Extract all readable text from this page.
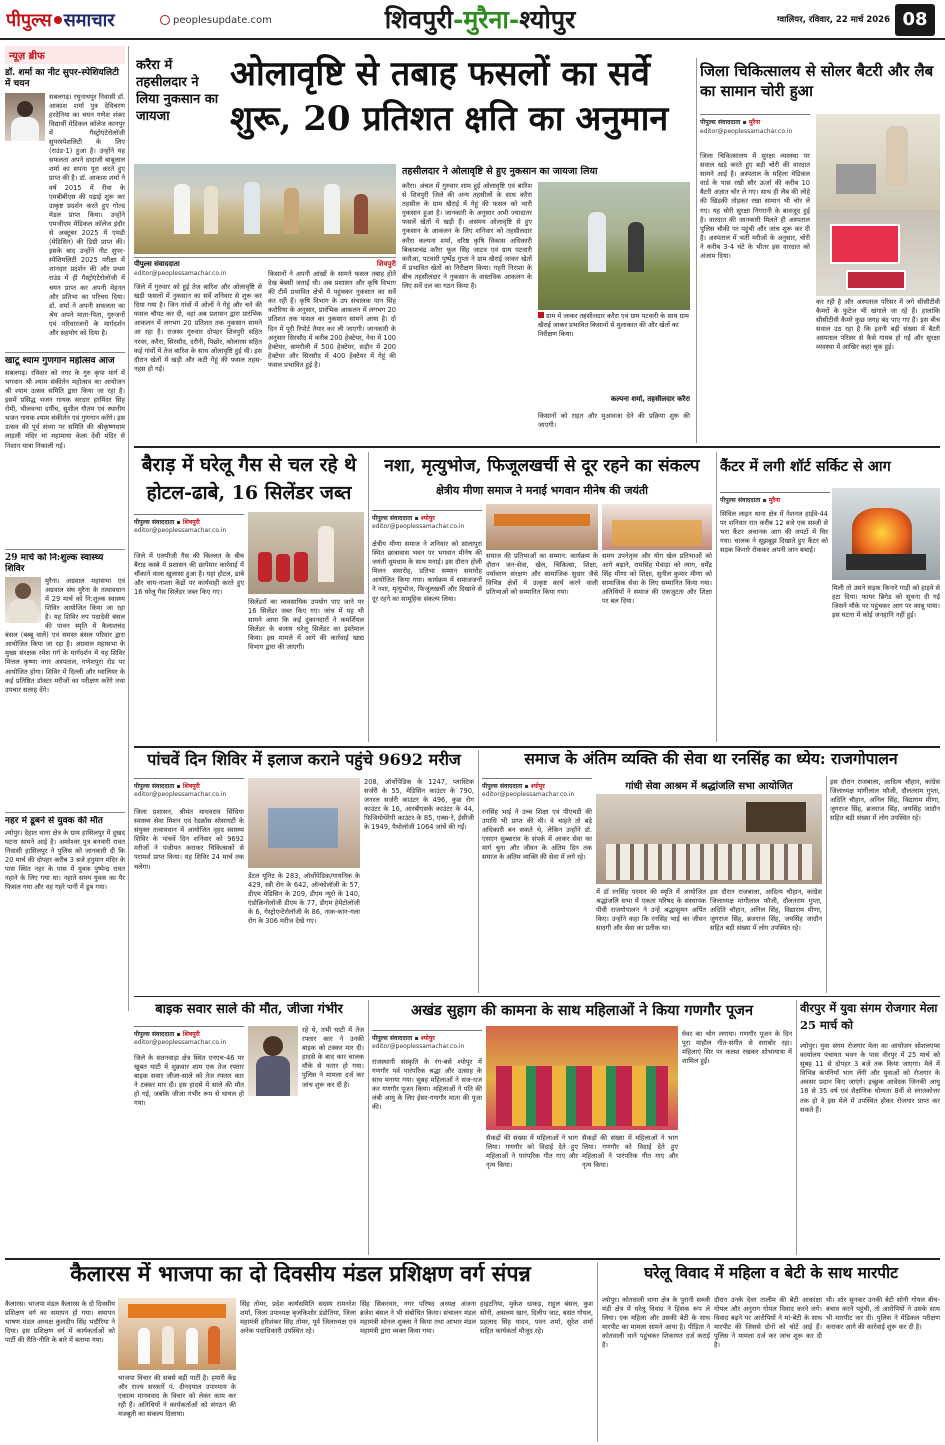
पीपुल्स समाचार	peoplesupdate.com	शिवपुरी-मुरैना-श्योपुर	ग्वालियर, रविवार, 22 मार्च 2026 08
न्यूज़ ब्रीफ
डॉ. शर्मा का नीट सुपर-स्पेशियलिटी में चयन
सबलगढ़। रघुनाथपुर निवासी डॉ. आकाश शर्मा पुत्र देविचरण हरदेनिया का चयन गणेश शंकर विद्यार्थी मेडिकल कॉलेज कानपुर में गैस्ट्रोएंटेरोलॉजी सुपरस्पेशलिटी के लिए (राउंड-1) हुआ है। उन्होंने यह सफलता अपने दादाजी बाबूलाल शर्मा का सपना पूरा करते हुए प्राप्त की है। डॉ. आकाश शर्मा ने वर्ष 2015 में रीवा के एमबीबीएस की पढ़ाई शुरू कर उत्कृष्ट प्रदर्शन करते हुए गोल्ड मेडल प्राप्त किया। उन्होंने एमजीएम मेडिकल कॉलेज इंदौर से अक्टूबर 2025 में एमडी (मेडिसिन) की डिग्री प्राप्त की। इसके बाद उन्होंने नीट सुपर-स्पेशियलिटी 2025 परीक्षा में शानदार प्रदर्शन की और प्रथम राउंड में ही गैस्ट्रोएंटेरोलॉजी में चयन प्राप्त कर अपनी मेहनत और प्रतिभा का परिचय दिया। डॉ. शर्मा ने अपनी सफलता का श्रेय अपने माता-पिता, गुरुजनों एवं परिवारजनों के मार्गदर्शन और सहयोग को दिया है।
खाटू श्याम गुणगान महोत्सव आज
सबलगढ़। रविवार को नगर के गुरु कृपा मार्ग में भगवान श्री श्याम संकीर्तन महोत्सव का आयोजन श्री श्याम उत्सव समिति द्वारा किया जा रहा है। इसमें प्रसिद्ध भजन गायक सरदार हरमिंदर सिंह रोमी, भीलवन्या दर्पीच, सुशील गौतम एवं स्थानीय भजन गायक श्याम संकीर्तन एवं गुणगान करेंगे। इस उत्सव की पूर्व संध्या पर समिति की श्रीकृष्णधाम लाड़ली मंदिर मां महामाया केला देवी मंदिर से निशान यात्रा निकाली गई।
29 मार्च को नि:शुल्क स्वास्थ्य शिविर
मुरैना। अग्रवाल महासभा एवं अग्रवाल संघ मुरैना के तत्वावधान में 29 मार्च को नि:शुल्क स्वास्थ्य शिविर आयोजित किया जा रहा है। यह शिविर रुप पदादेवी बंसल की पावन स्मृति में कैलाशचंद बंसल (बब्बू वाले) एवं समस्त बंसल परिवार द्वारा आयोजित किया जा रहा है। अग्रवाल महासभा के मुख्य संरक्षक रमेश गर्ग के मार्गदर्शन में यह शिविर मित्तल कृष्णा नगर अस्पताल, गणेशपुरा रोड पर आयोजित होगा। शिविर में दिल्ली और ग्वालियर के कई प्रतिष्ठित डॉक्टर मरीजों का परीक्षण करेंगे तथा उपचार सलाह देंगे।
नहर में डूबने से युवक की मौत
श्योपुर। देहात थाना क्षेत्र के ग्राम हासिलपुर में दुखद घटना सामने आई है। अमरेश्वर पुत्र बनवारी रावत निवासी हासिलपुर ने पुलिस को जानकारी दी कि 20 मार्च की दोपहर करीब 3 बजे हनुमान मंदिर के पास स्थित नहर के पास में युवक पुष्पेन्द्र रावत नहाने के लिए गया था। नहाते समय युवक का पैर फिसल गया और वह गहरे पानी में डूब गया।
करैरा में तहसीलदार ने लिया नुकसान का जायजा
ओलावृष्टि से तबाह फसलों का सर्वे शुरू, 20 प्रतिशत क्षति का अनुमान
पीपुल्स संवाददाता	शिवपुरी
editor@peoplessamachar.co.in
जिले में गुरुवार को हुई तेज बारिश और ओलावृष्टि से खड़ी फसलों में नुकसान का सर्वे शनिवार से शुरू कर दिया गया है। जिन गांवों में ओलों ने गेहूं और चने की फसल चौपट कर दी, वहां अब प्रशासन द्वारा प्रारंभिक आकलन में लगभग 20 प्रतिशत तक नुकसान सामने आ रहा है। राजस्व गुरुवार दोपहर शिवपुरी सहित नरवर, करैरा, सिरसौद, दरौनी, पिछोर, कोलारस सहित कई गांवों में तेज बारिश के साथ ओलावृष्टि हुई थी। इस दौरान खेतों में खड़ी और कटी गेहूं की फसल तहस-नहस हो गई।
किसानों ने अपनी आंखों के सामने फसल तबाह होते देख बेबसी जताई थी। अब प्रशासन और कृषि विभाग की टीमें प्रभावित क्षेत्रों में पहुंचकर नुकसान का सर्वे कर रही हैं। कृषि विभाग के उप संचालक पान सिंह करोरिया के अनुसार, प्रारंभिक आकलन में लगभग 20 प्रतिशत तक फसल का नुकसान सामने आया है। दो दिन में पूरी रिपोर्ट तैयार कर ली जाएगी। जानकारी के अनुसार सिरसौद में करीब 200 हेक्टेयर, नेवा में 100 हेक्टेयर, बामरौली में 500 हेक्टेयर, सड़ौन में 200 हेक्टेयर और सिरसौद में 400 हेक्टेयर में गेहूं की फसल प्रभावित हुई है।
तहसीलदार ने ओलावृष्टि से हुए नुकसान का जायजा लिया
करैरा। अंचल में गुरुवार शाम हुई ओलावृष्टि एवं बारिश से शिवपुरी जिले की अन्य तहसीलों के साथ करैरा तहसील के ग्राम खैराई में गेहूं की फसल को भारी नुकसान हुआ है। जानकारी के अनुसार अभी ज्यादातर फसलें खेतों में खड़ी हैं। असमय ओलावृष्टि से हुए नुकसान के आकलन के लिए शनिवार को तहसीलदार करैरा कल्पना शर्मा, वरिष्ठ कृषि विकास अधिकारी बिकाशचंद्र करैरा फूल सिंह जाटव एवं ग्राम पटवारी करौआ, पटवारी पुष्पेंद्र गुप्ता ने ग्राम खैराई जाकर खेतों में प्रभावित खेतों का निरीक्षण किया। गहरी निराशा के बीच तहसीलदार ने नुकसान के वास्तविक आकलन के लिए सर्वे दल का गठन किया है।
ग्राम में जाकर तहसीलदार करैरा एवं ग्राम पटवारी के साथ ग्राम खैराई जाकर प्रभावित किसानों से मुलाकात की और खेतों का निरीक्षण किया।
कल्पना शर्मा, तहसीलदार करैरा
किसानों को राहत और मुआवजा देने की प्रक्रिया शुरू की जाएगी।
जिला चिकित्सालय से सोलर बैटरी और लैब का सामान चोरी हुआ
पीपुल्स संवाददाता ▪ मुरैना
editor@peoplessamachar.co.in
जिला चिकित्सालय में सुरक्षा व्यवस्था पर सवाल खड़े करते हुए बड़ी चोरी की वारदात सामने आई है। अस्पताल के महिला मेडिकल वार्ड के पास रखी सौर ऊर्जा की करीब 10 बैटरी अज्ञात चोर ले गए। साथ ही लैब की लोहे की खिड़की तोड़कर रखा सामान भी चोर ले गए। यह चोरी सुरक्षा निगरानी के बावजूद हुई है। वारदात की जानकारी मिलते ही अस्पताल पुलिस चौकी पर पहुंची और जांच शुरू कर दी है। अस्पताल में भर्ती मरीजों के अनुसार, चोरी ने करीब 3-4 घंटे के भीतर इस वारदात को अंजाम दिया।
कर रही है और अस्पताल परिसर में लगे सीसीटीवी कैमरों के फुटेज भी खंगाले जा रहे हैं। हालांकि सीसीटीवी कैमरे कुछ जगह बंद पाए गए हैं। इस बीच सवाल उठ रहा है कि इतनी बड़ी संख्या में बैटरी अस्पताल परिसर से कैसे गायब हो गईं और सुरक्षा व्यवस्था में आखिर कहां चूक हुई।
बैराड़ में घरेलू गैस से चल रहे थे होटल-ढाबे, 16 सिलेंडर जब्त
पीपुल्स संवाददाता ▪ शिवपुरी
editor@peoplessamachar.co.in
जिले में एलपीजी गैस की किल्लत के बीच बैराड़ कस्बे में प्रशासन की छापेमार कार्रवाई में चौंकाने वाला खुलासा हुआ है। यहां होटल, ढाबे और चाय-नाश्ता केंद्रों पर कार्यवाही करते हुए 16 घरेलू गैस सिलेंडर जब्त किए गए।
सिलेंडरों का व्यवसायिक उपयोग पाए जाने पर 16 सिलेंडर जब्त किए गए। जांच में यह भी सामने आया कि कई दुकानदारों ने कमर्शियल सिलेंडर के बजाय घरेलू सिलेंडर का इस्तेमाल किया। इस मामले में आगे की कार्रवाई खाद्य विभाग द्वारा की जाएगी।
नशा, मृत्युभोज, फिजूलखर्ची से दूर रहने का संकल्प
क्षेत्रीय मीणा समाज ने मनाई भगवान मीनेष की जयंती
पीपुल्स संवाददाता ▪ श्योपुर
editor@peoplessamachar.co.in
क्षेत्रीय मीणा समाज ने शनिवार को सालापुरा स्थित छात्रावास भवन पर भगवान मीनेष की जयंती धूमधाम के साथ मनाई। इस दौरान होली मिलन समारोह, प्रतिभा सम्मान समारोह आयोजित किया गया। कार्यक्रम में समाजजनों ने नशा, मृत्युभोज, फिजूलखर्ची और दिखावे से दूर रहने का सामूहिक संकल्प लिया।
समाज की प्रतिभाओं का सम्मान: कार्यक्रम के दौरान जन-सेवा, खेल, चिकित्सा, शिक्षा, पर्यावरण संरक्षण और सामाजिक सुधार जैसे विभिन्न क्षेत्रों में उत्कृष्ट कार्य करने वाली प्रतिभाओं को सम्मानित किया गया।
समय उपनेतृत्व और योग खेल प्रतिभाओं को आगे बढ़ाने, रामसिंह मेवाड़ा को त्याग, धर्मेंद्र सिंह मीणा को शिक्षा, सुनील कुमार मीणा को सामाजिक सेवा के लिए सम्मानित किया गया। अतिथियों ने समाज की एकजुटता और शिक्षा पर बल दिया।
कैंटर में लगी शॉर्ट सर्किट से आग
पीपुल्स संवाददाता ▪ मुरैना
सिविल लाइन थाना क्षेत्र में नेशनल हाईवे-44 पर शनिवार रात करीब 12 बजे एक सब्जी से भरा कैंटर अचानक आग की लपटों में घिर गया। चालक ने सूझबूझ दिखाते हुए कैंटर को सड़क किनारे रोककर अपनी जान बचाई।
मिली तो उसने सड़क किनारे गाड़ी को हाइवे से हटा दिया। फायर ब्रिगेड को सूचना दी गई जिसने मौके पर पहुंचकर आग पर काबू पाया। इस घटना में कोई जनहानि नहीं हुई।
पांचवें दिन शिविर में इलाज कराने पहुंचे 9692 मरीज
पीपुल्स संवाददाता ▪ शिवपुरी
editor@peoplessamachar.co.in
जिला प्रशासन, श्रीमंत माधवराव सिंधिया स्वास्थ्य सेवा मिशन एवं रेडक्रॉस सोसायटी के संयुक्त तत्वावधान में आयोजित वृहद स्वास्थ्य शिविर के पांचवें दिन शनिवार को 9692 मरीजों ने पंजीयन कराकर चिकित्सकों से परामर्श प्राप्त किया। यह शिविर 24 मार्च तक चलेगा।
डेंटल यूनिट के 283, ऑर्थोपेडिक/गायनिक के 429, स्त्री रोग के 642, ऑन्कोलॉजी के 57, डीएम मेडिसिन के 209, डीएम न्यूरो के 140, एंडोक्रिनोलॉजी डीएम के 77, डीएम हेमेटोलॉजी के 6, गेस्ट्रोएन्टेरोलॉजी के 86, नाक-कान-गला रोग के 306 मरीज देखे गए।
208, ऑर्थोपेडिक के 1247, प्लास्टिक सर्जरी के 55, मेडिसिन काउंटर के 790, जनरल सर्जरी काउंटर के 496, कुछ रोग काउंटर के 16, आरबीएसके काउंटर के 44, फिजियोथेरेपी काउंटर के 85, एक्स-रे, ईसीजी के 1949, पैथोलॉजी 1064 जांचें की गईं।
समाज के अंतिम व्यक्ति की सेवा था रनसिंह का ध्येय: राजगोपालन
पीपुल्स संवाददाता ▪ श्योपुर
editor@peoplessamachar.co.in
रनसिंह भाई ने उच्च शिक्षा एवं पीएचडी की उपाधि भी प्राप्त की थी। वे चाहते तो बड़े अधिकारी बन सकते थे, लेकिन उन्होंने डॉ. एसएन सुब्बाराव के संपर्क में आकर सेवा का मार्ग चुना और जीवन के अंतिम दिन तक समाज के अंतिम व्यक्ति की सेवा में लगे रहे।
गांधी सेवा आश्रम में श्रद्धांजलि सभा आयोजित
में डॉ रनसिंह परमार की स्मृति में आयोजित श्रद्धांजलि सभा में एकता परिषद के संस्थापक पीवी राजगोपालन ने उन्हें श्रद्धासुमन अर्पित किए। उन्होंने कहा कि रनसिंह भाई का जीवन सादगी और सेवा का प्रतीक था।
इस दौरान राजबाला, आदित्य चौहान, कांग्रेस जिलाध्यक्ष मांगीलाल फौजी, दौलतराम गुप्ता, अदिति चौहान, अनिल सिंह, विद्याराम मीणा, जुगराज सिंह, ब्रजराज सिंह, जयसिंह जादौन सहित बड़ी संख्या में लोग उपस्थित रहे।
इस दौरान राजबाला, आदित्य चौहान, कांग्रेस जिलाध्यक्ष मांगीलाल फौजी, दौलतराम गुप्ता, अदिति चौहान, अनिल सिंह, विद्याराम मीणा, जुगराज सिंह, ब्रजराज सिंह, जयसिंह जादौन सहित बड़ी संख्या में लोग उपस्थित रहे।
बाइक सवार साले की मौत, जीजा गंभीर
पीपुल्स संवाददाता ▪ शिवपुरी
editor@peoplessamachar.co.in
जिले के सतनवाड़ा क्षेत्र स्थित एनएच-46 पर खुबत घाटी में शुक्रवार शाम एक तेज रफ्तार बाइक सवार जीजा-साले को तेज रफ्तार कार ने टक्कर मार दी। इस हादसे में साले की मौत हो गई, जबकि जीजा गंभीर रूप से घायल हो गया।
रहे थे, तभी घाटी में तेज रफ्तार कार ने उनकी बाइक को टक्कर मार दी। हादसे के बाद कार चालक मौके से फरार हो गया। पुलिस ने मामला दर्ज कर जांच शुरू कर दी है।
अखंड सुहाग की कामना के साथ महिलाओं ने किया गणगौर पूजन
पीपुल्स संवाददाता ▪ श्योपुर
editor@peoplessamachar.co.in
राजस्थानी संस्कृति के रंग-बसे श्योपुर में गणगौर पर्व पारंपरिक श्रद्धा और उत्साह के साथ मनाया गया। सुबह महिलाओं ने सज-धज कर गणगौर पूजन किया। महिलाओं ने पति की लंबी आयु के लिए ईसर-गणगौर माता की पूजा की।
सैकड़ों की संख्या में महिलाओं ने भाग लिया। गणगौर को विदाई देते हुए महिलाओं ने पारंपरिक गीत गाए और नृत्य किया।
सैकड़ों की संख्या में महिलाओं ने भाग लिया। गणगौर को विदाई देते हुए महिलाओं ने पारंपरिक गीत गाए और नृत्य किया।
घेवर का भोग लगाया। गणगौर पूजन के दिन पूरा माहौल गीत-संगीत से सराबोर रहा। महिलाएं सिर पर कलश रखकर शोभायात्रा में शामिल हुईं।
वीरपुर में युवा संगम रोजगार मेला 25 मार्च को
श्योपुर। युवा संगम रोजगार मेला का आयोजन सोशलएप्स कार्यालय पंचायत भवन के पास वीरपुर में 25 मार्च को सुबह 11 से दोपहर 3 बजे तक किया जाएगा। मेले में विभिन्न कंपनियाँ भाग लेंगी और युवाओं को रोजगार के अवसर प्रदान किए जाएंगे। इच्छुक आवेदक जिनकी आयु 18 से 35 वर्ष एवं शैक्षणिक योग्यता 8वीं से स्नातकोत्तर तक हो वे इस मेले में उपस्थित होकर रोजगार प्राप्त कर सकते हैं।
कैलारस में भाजपा का दो दिवसीय मंडल प्रशिक्षण वर्ग संपन्न
कैलारस। भाजपा मंडल कैलारस के दो दिवसीय प्रशिक्षण वर्ग का समापन हो गया। समापन भाषण मंडल अध्यक्ष कुलदीप सिंह भदौरिया ने दिया। इस प्रशिक्षण वर्ग में कार्यकर्ताओं को पार्टी की रीति-नीति के बारे में बताया गया।
भाजपा विचार की सबसे बड़ी पार्टी है। हमारी केंद्र और राज्य सरकारें पं. दीनदयाल उपाध्याय के एकात्म मानववाद के विचार को लेकर काम कर रही हैं। अतिथियों ने कार्यकर्ताओं को संगठन की मजबूती का संकल्प दिलाया।
सिंह तोमर, प्रदेश कार्यसमिति सदस्य रामनरेश शर्मा, जिला उपाध्यक्ष बृजकिशोर डंडोतिया, जिला महामंत्री हरिशंकर सिंह तोमर, पूर्व जिलाध्यक्ष एवं अनेक पदाधिकारी उपस्थित रहे।
सिंह सिकरवार, नगर परिषद अध्यक्ष अंजना ब्रजेश बंसल ने भी संबोधित किया। संचालन मंडल महामंत्री सोनल शुक्ला ने किया तथा आभार मंडल महामंत्री द्वारा व्यक्त किया गया।
हाइटनिया, मुकेश धाकड़, राहुल बंसल, कुश सोनी, असलम खान, दिलीप जाट, बसंत गोयल, प्रहलाद सिंह यादव, पवन शर्मा, सुरेश शर्मा सहित कार्यकर्ता मौजूद रहे।
घरेलू विवाद में महिला व बेटी के साथ मारपीट
श्योपुर। कोतवाली थाना क्षेत्र के पुरानी सब्जी मंडी क्षेत्र में घरेलू विवाद ने हिंसक रूप ले लिया। एक महिला और उसकी बेटी के साथ मारपीट का मामला सामने आया है। पीड़िता ने कोतवाली थाने पहुंचकर शिकायत दर्ज कराई है।
दौरान उनके देवर तालीम की बेटी आकांक्षा गोयल और अनुराग गोयल विवाद करने लगे। विवाद बढ़ने पर आरोपियों ने मां-बेटी के साथ मारपीट की जिससे दोनों को चोटें आई हैं। पुलिस ने मामला दर्ज कर जांच शुरू कर दी है।
थी। शोर सुनकर उनकी बेटी सोनी गोयल बीच-बचाव करने पहुंची, तो आरोपियों ने उसके साथ भी मारपीट कर दी। पुलिस ने मेडिकल परीक्षण कराकर आगे की कार्रवाई शुरू कर दी है।
